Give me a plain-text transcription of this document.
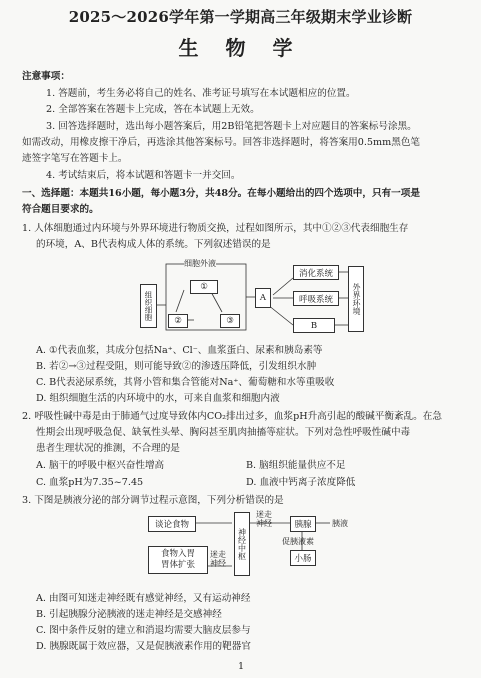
2025～2026学年第一学期高三年级期末学业诊断
生 物 学
注意事项：
1. 答题前，考生务必将自己的姓名、准考证号填写在本试题相应的位置。
2. 全部答案在答题卡上完成，答在本试题上无效。
3. 回答选择题时，选出每小题答案后，用2B铅笔把答题卡上对应题目的答案标号涂黑。
如需改动，用橡皮擦干净后，再选涂其他答案标号。回答非选择题时，将答案用0.5mm黑色笔
迹签字笔写在答题卡上。
4. 考试结束后，将本试题和答题卡一并交回。
一、选择题：本题共16小题，每小题3分，共48分。在每小题给出的四个选项中，只有一项是
符合题目要求的。
1. 人体细胞通过内环境与外界环境进行物质交换，过程如图所示，其中①②③代表细胞生存
的环境，A、B代表构成人体的系统。下列叙述错误的是
组织细胞
细胞外液
①
②	③
A
消化系统
呼吸系统
B
外界环境
A. ①代表血浆，其成分包括Na⁺、Cl⁻、血浆蛋白、尿素和胰岛素等
B. 若②→③过程受阻，则可能导致②的渗透压降低，引发组织水肿
C. B代表泌尿系统，其肾小管和集合管能对Na⁺、葡萄糖和水等重吸收
D. 组织细胞生活的内环境中的水，可来自血浆和细胞内液
2. 呼吸性碱中毒是由于肺通气过度导致体内CO₂排出过多，血浆pH升高引起的酸碱平衡紊乱。在急
性期会出现呼吸急促、缺氧性头晕、胸闷甚至肌肉抽搐等症状。下列对急性呼吸性碱中毒
患者生理状况的推测，不合理的是
A. 脑干的呼吸中枢兴奋性增高	B. 脑组织能量供应不足
C. 血浆pH为7.35~7.45	D. 血液中钙离子浓度降低
3. 下图是胰液分泌的部分调节过程示意图，下列分析错误的是
谈论食物
食物入胃
胃体扩张
迷走
神经
迷走
神经
神经中枢
胰腺	胰液
促胰液素
小肠
A. 由图可知迷走神经既有感觉神经，又有运动神经
B. 引起胰腺分泌胰液的迷走神经是交感神经
C. 图中条件反射的建立和消退均需要大脑皮层参与
D. 胰腺既属于效应器，又是促胰液素作用的靶器官
1
